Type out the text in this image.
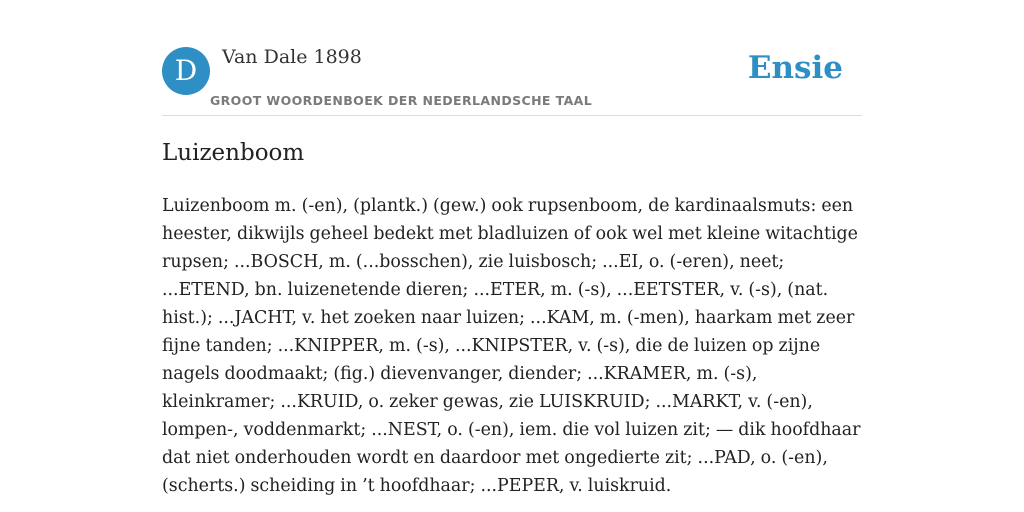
D	Van Dale 1898
GROOT WOORDENBOEK DER NEDERLANDSCHE TAAL
Ensie
Luizenboom

Luizenboom m. (-en), (plantk.) (gew.) ook rupsenboom, de kardinaalsmuts: een heester, dikwijls geheel bedekt met bladluizen of ook wel met kleine witachtige rupsen; ...BOSCH, m. (...bosschen), zie luisbosch; ...EI, o. (-eren), neet; ...ETEND, bn. luizenetende dieren; ...ETER, m. (-s), ...EETSTER, v. (-s), (nat. hist.); ...JACHT, v. het zoeken naar luizen; ...KAM, m. (-men), haarkam met zeer fijne tanden; ...KNIPPER, m. (-s), ...KNIPSTER, v. (-s), die de luizen op zijne nagels doodmaakt; (fig.) dievenvanger, diender; ...KRAMER, m. (-s), kleinkramer; ...KRUID, o. zeker gewas, zie LUISKRUID; ...MARKT, v. (-en), lompen-, voddenmarkt; ...NEST, o. (-en), iem. die vol luizen zit; — dik hoofdhaar dat niet onderhouden wordt en daardoor met ongedierte zit; ...PAD, o. (-en), (scherts.) scheiding in ’t hoofdhaar; ...PEPER, v. luiskruid.
